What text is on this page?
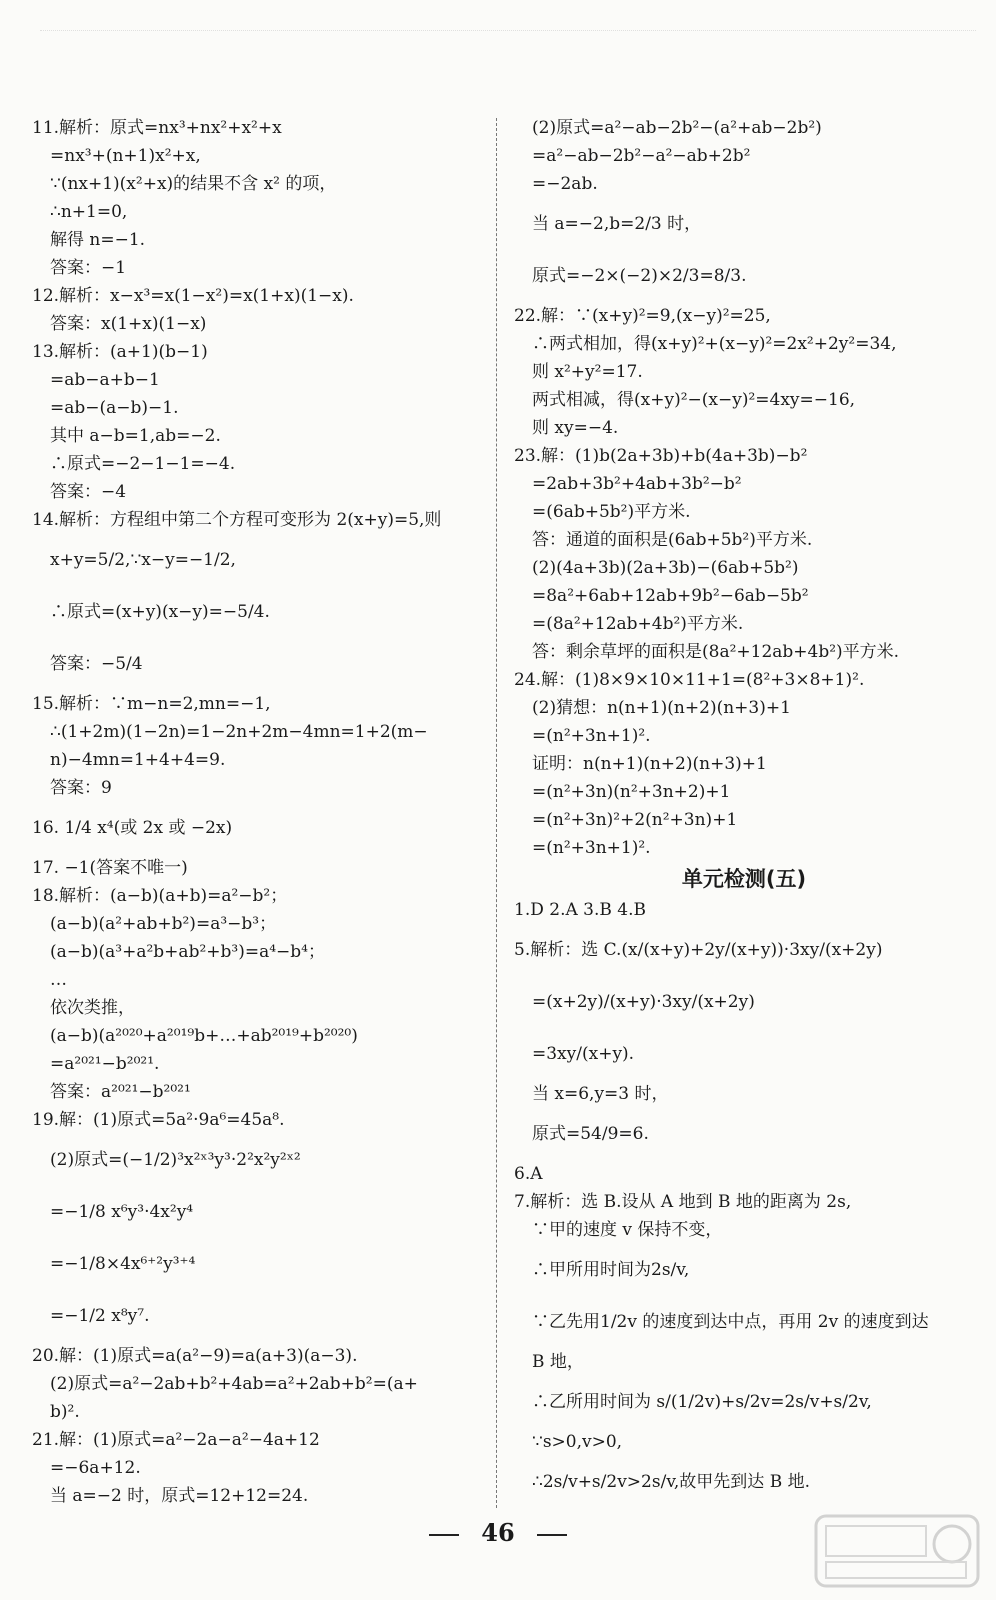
11.解析：原式=nx³+nx²+x²+x
=nx³+(n+1)x²+x,
∵(nx+1)(x²+x)的结果不含 x² 的项，
∴n+1=0,
解得 n=−1.
答案：−1
12.解析：x−x³=x(1−x²)=x(1+x)(1−x).
答案：x(1+x)(1−x)
13.解析：(a+1)(b−1)
=ab−a+b−1
=ab−(a−b)−1.
其中 a−b=1,ab=−2.
∴原式=−2−1−1=−4.
答案：−4
14.解析：方程组中第二个方程可变形为 2(x+y)=5,则
x+y=5/2,∵x−y=−1/2,
∴原式=(x+y)(x−y)=−5/4.
答案：−5/4
15.解析：∵m−n=2,mn=−1,
∴(1+2m)(1−2n)=1−2n+2m−4mn=1+2(m−
n)−4mn=1+4+4=9.
答案：9
16. 1/4 x⁴(或 2x 或 −2x)
17. −1(答案不唯一)
18.解析：(a−b)(a+b)=a²−b²；
(a−b)(a²+ab+b²)=a³−b³；
(a−b)(a³+a²b+ab²+b³)=a⁴−b⁴；
…
依次类推，
(a−b)(a²⁰²⁰+a²⁰¹⁹b+…+ab²⁰¹⁹+b²⁰²⁰)
=a²⁰²¹−b²⁰²¹.
答案：a²⁰²¹−b²⁰²¹
19.解：(1)原式=5a²·9a⁶=45a⁸.
(2)原式=(−1/2)³x²ˣ³y³·2²x²y²ˣ²
=−1/8 x⁶y³·4x²y⁴
=−1/8×4x⁶⁺²y³⁺⁴
=−1/2 x⁸y⁷.
20.解：(1)原式=a(a²−9)=a(a+3)(a−3).
(2)原式=a²−2ab+b²+4ab=a²+2ab+b²=(a+
b)².
21.解：(1)原式=a²−2a−a²−4a+12
=−6a+12.
当 a=−2 时，原式=12+12=24.
(2)原式=a²−ab−2b²−(a²+ab−2b²)
=a²−ab−2b²−a²−ab+2b²
=−2ab.
当 a=−2,b=2/3 时，
原式=−2×(−2)×2/3=8/3.
22.解：∵(x+y)²=9,(x−y)²=25,
∴两式相加，得(x+y)²+(x−y)²=2x²+2y²=34,
则 x²+y²=17.
两式相减，得(x+y)²−(x−y)²=4xy=−16,
则 xy=−4.
23.解：(1)b(2a+3b)+b(4a+3b)−b²
=2ab+3b²+4ab+3b²−b²
=(6ab+5b²)平方米.
答：通道的面积是(6ab+5b²)平方米.
(2)(4a+3b)(2a+3b)−(6ab+5b²)
=8a²+6ab+12ab+9b²−6ab−5b²
=(8a²+12ab+4b²)平方米.
答：剩余草坪的面积是(8a²+12ab+4b²)平方米.
24.解：(1)8×9×10×11+1=(8²+3×8+1)².
(2)猜想：n(n+1)(n+2)(n+3)+1
=(n²+3n+1)².
证明：n(n+1)(n+2)(n+3)+1
=(n²+3n)(n²+3n+2)+1
=(n²+3n)²+2(n²+3n)+1
=(n²+3n+1)².
单元检测(五)
1.D 2.A 3.B 4.B
5.解析：选 C.(x/(x+y)+2y/(x+y))·3xy/(x+2y)
=(x+2y)/(x+y)·3xy/(x+2y)
=3xy/(x+y).
当 x=6,y=3 时，
原式=54/9=6.
6.A
7.解析：选 B.设从 A 地到 B 地的距离为 2s,
∵甲的速度 v 保持不变，
∴甲所用时间为2s/v,
∵乙先用1/2v 的速度到达中点，再用 2v 的速度到达
B 地，
∴乙所用时间为 s/(1/2v)+s/2v=2s/v+s/2v,
∵s>0,v>0,
∴2s/v+s/2v>2s/v,故甲先到达 B 地.
46
